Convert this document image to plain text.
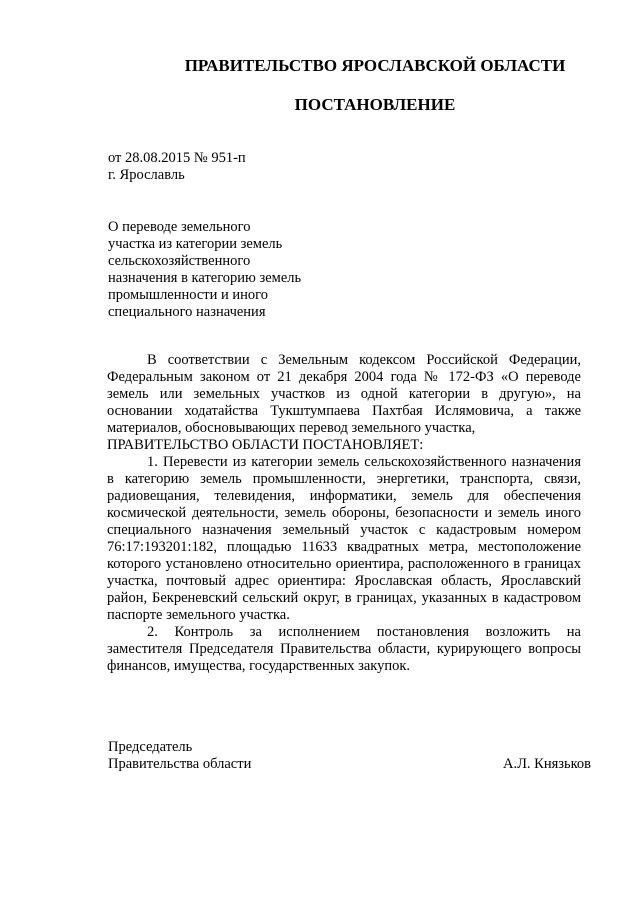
ПРАВИТЕЛЬСТВО ЯРОСЛАВСКОЙ ОБЛАСТИ
ПОСТАНОВЛЕНИЕ
от 28.08.2015 № 951-п
г. Ярославль
О переводе земельного
участка из категории земель
сельскохозяйственного
назначения в категорию земель
промышленности и иного
специального назначения

В соответствии с Земельным кодексом Российской Федерации, Федеральным законом от 21 декабря 2004 года № 172-ФЗ «О переводе земель или земельных участков из одной категории в другую», на основании ходатайства Тукштумпаева Пахтбая Ислямовича, а также материалов, обосновывающих перевод земельного участка,

ПРАВИТЕЛЬСТВО ОБЛАСТИ ПОСТАНОВЛЯЕТ:

1. Перевести из категории земель сельскохозяйственного назначения в категорию земель промышленности, энергетики, транспорта, связи, радиовещания, телевидения, информатики, земель для обеспечения космической деятельности, земель обороны, безопасности и земель иного специального назначения земельный участок с кадастровым номером 76:17:193201:182, площадью 11633 квадратных метра, местоположение которого установлено относительно ориентира, расположенного в границах участка, почтовый адрес ориентира: Ярославская область, Ярославский район, Бекреневский сельский округ, в границах, указанных в кадастровом паспорте земельного участка.

2. Контроль за исполнением постановления возложить на заместителя Председателя Правительства области, курирующего вопросы финансов, имущества, государственных закупок.

Председатель
Правительства области	А.Л. Князьков
